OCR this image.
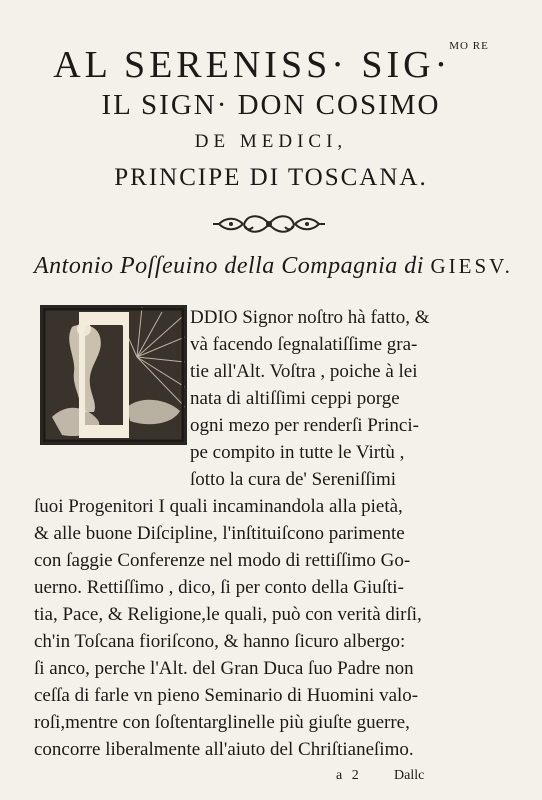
AL SERENISS· SIG·$^{MO RE}$
IL SIGN· DON COSIMO
DE MEDICI,
PRINCIPE DI TOSCANA.
Antonio Poſſeuino della Compagnia di GIESV.
DDIO Signor noſtro hà fatto, &
và facendo ſegnalatiſſime gra-
tie all'Alt. Voſtra , poiche à lei
nata di altiſſimi ceppi porge
ogni mezo per renderſi Princi-
pe compito in tutte le Virtù ,
ſotto la cura de' Sereniſſimi
ſuoi Progenitori I quali incaminandola alla pietà,
& alle buone Diſcipline, l'inſtituiſcono parimente
con ſaggie Conferenze nel modo di rettiſſimo Go-
uerno. Rettiſſimo , dico, ſi per conto della Giuſti-
tia, Pace, & Religione,le quali, può con verità dirſi,
ch'in Toſcana fioriſcono, & hanno ſicuro albergo:
ſi anco, perche l'Alt. del Gran Duca ſuo Padre non
ceſſa di farle vn pieno Seminario di Huomini valo-
roſi,mentre con ſoſtentarglinelle più giuſte guerre,
concorre liberalmente all'aiuto del Chriſtianeſimo.
a 2 Dallc
